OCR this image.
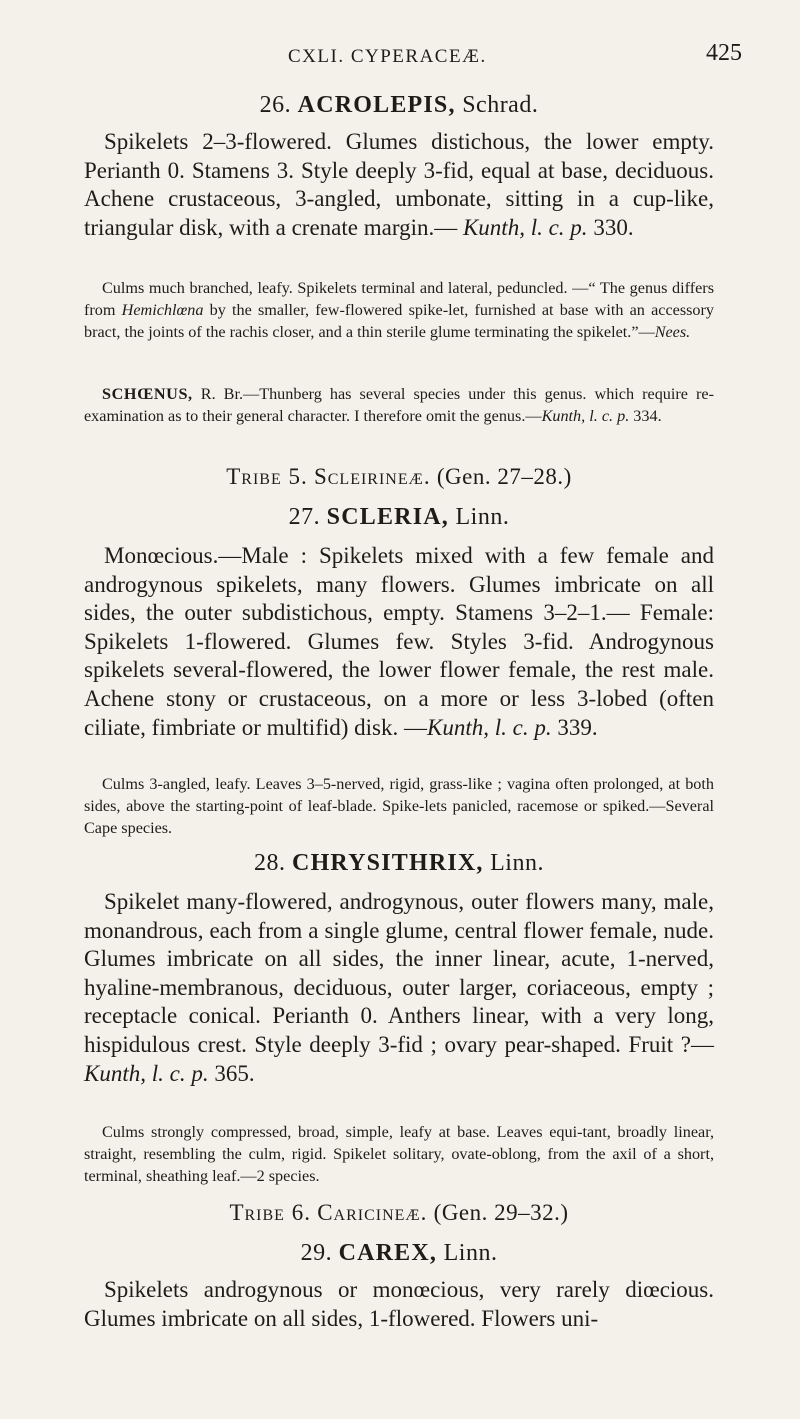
CXLI. CYPERACEÆ.	425
26. ACROLEPIS, Schrad.

Spikelets 2–3-flowered. Glumes distichous, the lower empty. Perianth 0. Stamens 3. Style deeply 3-fid, equal at base, deciduous. Achene crustaceous, 3-angled, umbonate, sitting in a cup-like, triangular disk, with a crenate margin.— Kunth, l. c. p. 330.

Culms much branched, leafy. Spikelets terminal and lateral, peduncled. —“ The genus differs from Hemichlœna by the smaller, few-flowered spike-let, furnished at base with an accessory bract, the joints of the rachis closer, and a thin sterile glume terminating the spikelet.”—Nees.

SCHŒNUS, R. Br.—Thunberg has several species under this genus. which require re-examination as to their general character. I therefore omit the genus.—Kunth, l. c. p. 334.

Tribe 5. Scleirineæ. (Gen. 27–28.)
27. SCLERIA, Linn.

Monœcious.—Male : Spikelets mixed with a few female and androgynous spikelets, many flowers. Glumes imbricate on all sides, the outer subdistichous, empty. Stamens 3–2–1.— Female: Spikelets 1-flowered. Glumes few. Styles 3-fid. Androgynous spikelets several-flowered, the lower flower female, the rest male. Achene stony or crustaceous, on a more or less 3-lobed (often ciliate, fimbriate or multifid) disk. —Kunth, l. c. p. 339.

Culms 3-angled, leafy. Leaves 3–5-nerved, rigid, grass-like ; vagina often prolonged, at both sides, above the starting-point of leaf-blade. Spike-lets panicled, racemose or spiked.—Several Cape species.

28. CHRYSITHRIX, Linn.

Spikelet many-flowered, androgynous, outer flowers many, male, monandrous, each from a single glume, central flower female, nude. Glumes imbricate on all sides, the inner linear, acute, 1-nerved, hyaline-membranous, deciduous, outer larger, coriaceous, empty ; receptacle conical. Perianth 0. Anthers linear, with a very long, hispidulous crest. Style deeply 3-fid ; ovary pear-shaped. Fruit ?—Kunth, l. c. p. 365.

Culms strongly compressed, broad, simple, leafy at base. Leaves equi-tant, broadly linear, straight, resembling the culm, rigid. Spikelet solitary, ovate-oblong, from the axil of a short, terminal, sheathing leaf.—2 species.

Tribe 6. Caricineæ. (Gen. 29–32.)
29. CAREX, Linn.

Spikelets androgynous or monœcious, very rarely diœcious. Glumes imbricate on all sides, 1-flowered. Flowers uni-
